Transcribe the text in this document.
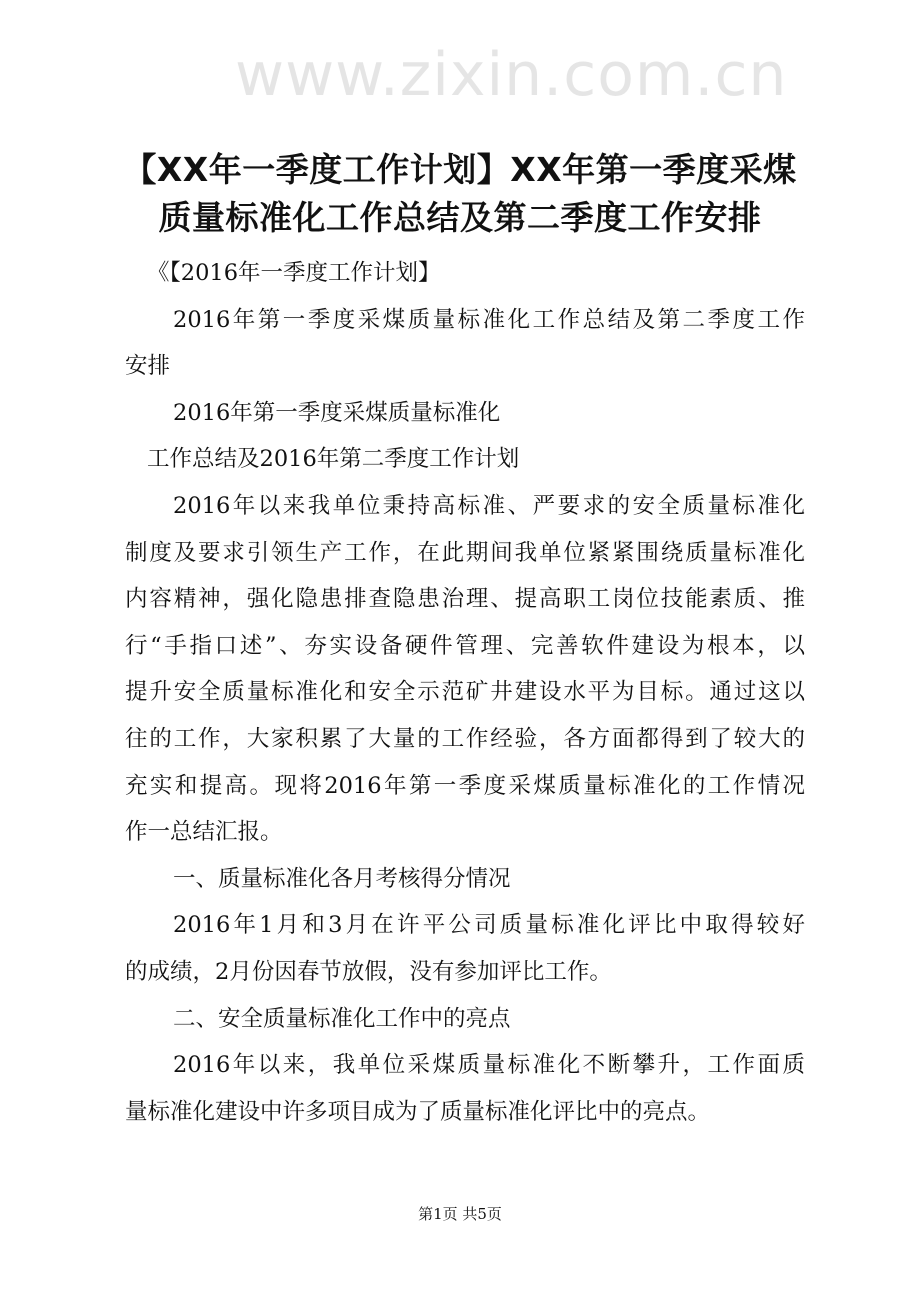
www.zixin.com.cn
【XX年一季度工作计划】XX年第一季度采煤
质量标准化工作总结及第二季度工作安排
《【2016年一季度工作计划】
2016年第一季度采煤质量标准化工作总结及第二季度工作
安排
2016年第一季度采煤质量标准化
工作总结及2016年第二季度工作计划
2016年以来我单位秉持高标准、严要求的安全质量标准化
制度及要求引领生产工作，在此期间我单位紧紧围绕质量标准化
内容精神，强化隐患排查隐患治理、提高职工岗位技能素质、推
行“手指口述”、夯实设备硬件管理、完善软件建设为根本，以
提升安全质量标准化和安全示范矿井建设水平为目标。通过这以
往的工作，大家积累了大量的工作经验，各方面都得到了较大的
充实和提高。现将2016年第一季度采煤质量标准化的工作情况
作一总结汇报。
一、质量标准化各月考核得分情况
2016年1月和3月在许平公司质量标准化评比中取得较好
的成绩，2月份因春节放假，没有参加评比工作。
二、安全质量标准化工作中的亮点
2016年以来，我单位采煤质量标准化不断攀升，工作面质
量标准化建设中许多项目成为了质量标准化评比中的亮点。
第1页 共5页
